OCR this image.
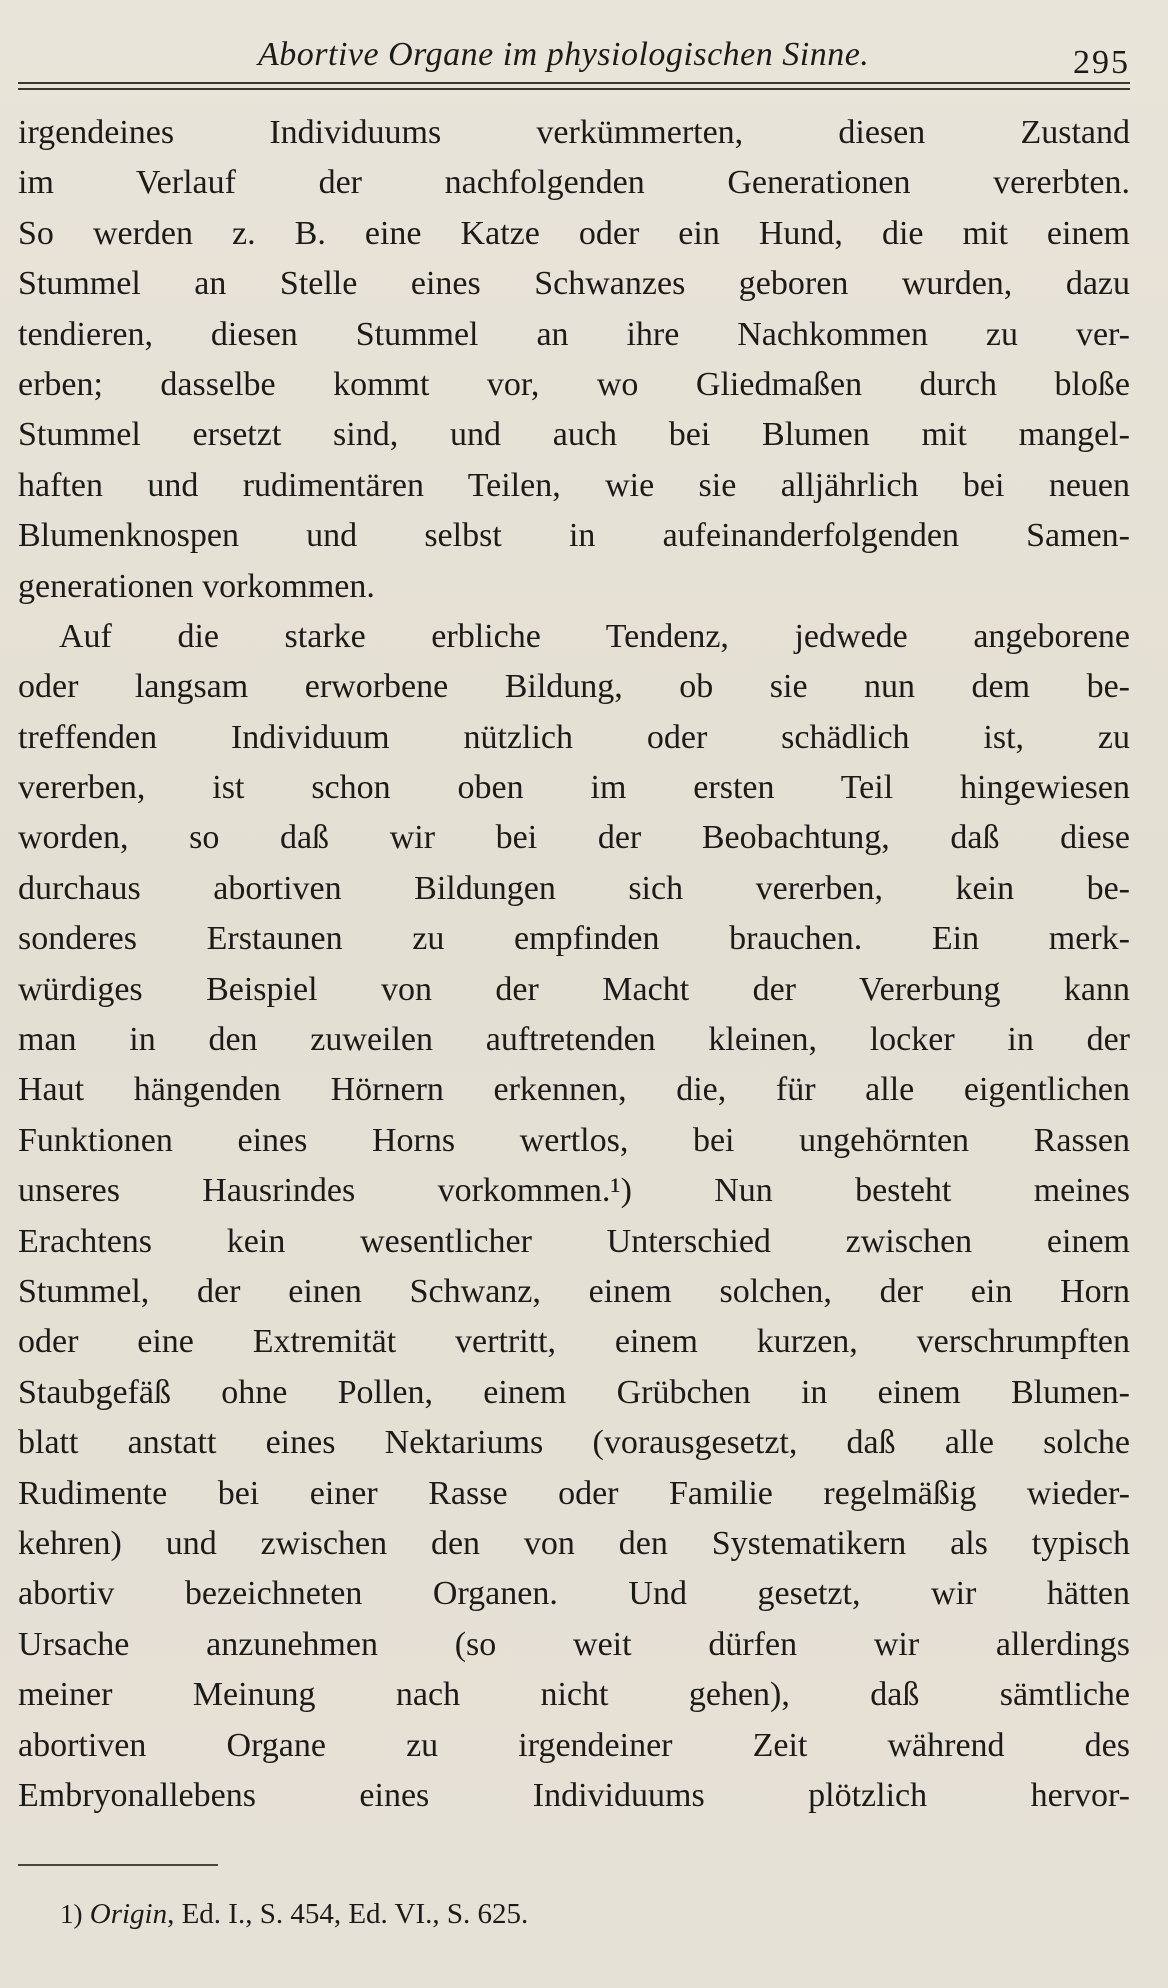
Abortive Organe im physiologischen Sinne.	295
irgendeines Individuums verkümmerten, diesen Zustand
im Verlauf der nachfolgenden Generationen vererbten.
So werden z. B. eine Katze oder ein Hund, die mit einem
Stummel an Stelle eines Schwanzes geboren wurden, dazu
tendieren, diesen Stummel an ihre Nachkommen zu ver-
erben; dasselbe kommt vor, wo Gliedmaßen durch bloße
Stummel ersetzt sind, und auch bei Blumen mit mangel-
haften und rudimentären Teilen, wie sie alljährlich bei neuen
Blumenknospen und selbst in aufeinanderfolgenden Samen-
generationen vorkommen.
Auf die starke erbliche Tendenz, jedwede angeborene
oder langsam erworbene Bildung, ob sie nun dem be-
treffenden Individuum nützlich oder schädlich ist, zu
vererben, ist schon oben im ersten Teil hingewiesen
worden, so daß wir bei der Beobachtung, daß diese
durchaus abortiven Bildungen sich vererben, kein be-
sonderes Erstaunen zu empfinden brauchen. Ein merk-
würdiges Beispiel von der Macht der Vererbung kann
man in den zuweilen auftretenden kleinen, locker in der
Haut hängenden Hörnern erkennen, die, für alle eigentlichen
Funktionen eines Horns wertlos, bei ungehörnten Rassen
unseres Hausrindes vorkommen.¹) Nun besteht meines
Erachtens kein wesentlicher Unterschied zwischen einem
Stummel, der einen Schwanz, einem solchen, der ein Horn
oder eine Extremität vertritt, einem kurzen, verschrumpften
Staubgefäß ohne Pollen, einem Grübchen in einem Blumen-
blatt anstatt eines Nektariums (vorausgesetzt, daß alle solche
Rudimente bei einer Rasse oder Familie regelmäßig wieder-
kehren) und zwischen den von den Systematikern als typisch
abortiv bezeichneten Organen. Und gesetzt, wir hätten
Ursache anzunehmen (so weit dürfen wir allerdings
meiner Meinung nach nicht gehen), daß sämtliche
abortiven Organe zu irgendeiner Zeit während des
Embryonallebens eines Individuums plötzlich hervor-
1) Origin, Ed. I., S. 454, Ed. VI., S. 625.
